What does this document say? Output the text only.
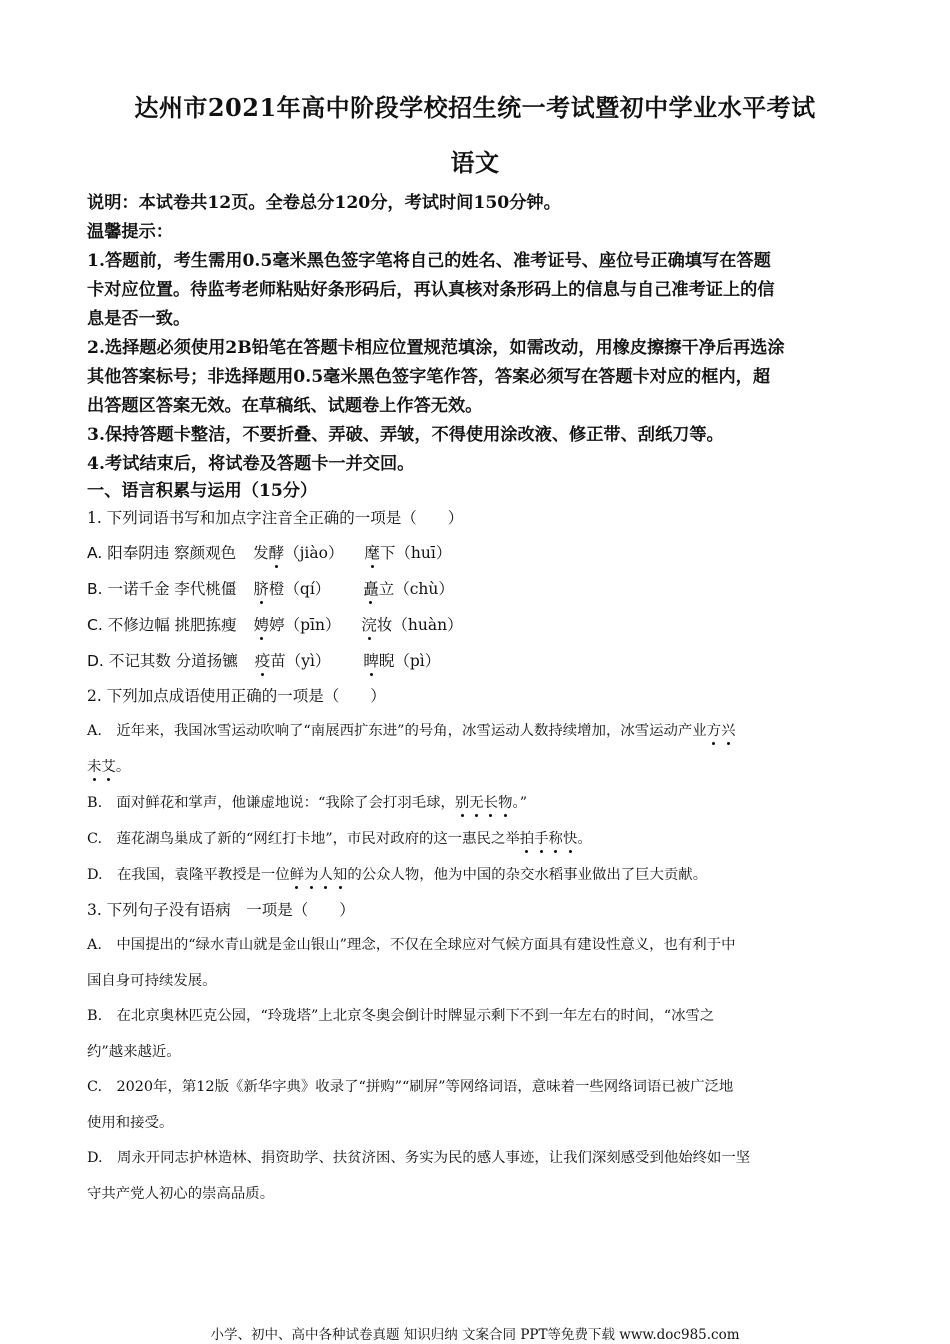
达州市2021年高中阶段学校招生统一考试暨初中学业水平考试
语文
说明：本试卷共12页。全卷总分120分，考试时间150分钟。
温馨提示：
1.答题前，考生需用0.5毫米黑色签字笔将自己的姓名、准考证号、座位号正确填写在答题
卡对应位置。待监考老师粘贴好条形码后，再认真核对条形码上的信息与自己准考证上的信
息是否一致。
2.选择题必须使用2B铅笔在答题卡相应位置规范填涂，如需改动，用橡皮擦擦干净后再选涂
其他答案标号；非选择题用0.5毫米黑色签字笔作答，答案必须写在答题卡对应的框内，超
出答题区答案无效。在草稿纸、试题卷上作答无效。
3.保持答题卡整洁，不要折叠、弄破、弄皱，不得使用涂改液、修正带、刮纸刀等。
4.考试结束后，将试卷及答题卡一并交回。
一、语言积累与运用（15分）
1. 下列词语书写和加点字注音全正确的一项是（　　）
A. 阳奉阴违 察颜观色 发酵（jiào） 麾下（huī）
B. 一诺千金 李代桃僵 脐橙（qí） 矗立（chù）
C. 不修边幅 挑肥拣瘦 娉婷（pīn） 浣妆（huàn）
D. 不记其数 分道扬镳 疫苗（yì） 睥睨（pì）
2. 下列加点成语使用正确的一项是（　　）
A.　近年来，我国冰雪运动吹响了“南展西扩东进”的号角，冰雪运动人数持续增加，冰雪运动产业方兴
未艾。
B.　面对鲜花和掌声，他谦虚地说：“我除了会打羽毛球，别无长物。”
C.　莲花湖鸟巢成了新的“网红打卡地”，市民对政府的这一惠民之举拍手称快。
D.　在我国，袁隆平教授是一位鲜为人知的公众人物，他为中国的杂交水稻事业做出了巨大贡献。
3. 下列句子没有语病　一项是（　　）
A.　中国提出的“绿水青山就是金山银山”理念，不仅在全球应对气候方面具有建设性意义，也有利于中
国自身可持续发展。
B.　在北京奥林匹克公园，“玲珑塔”上北京冬奥会倒计时牌显示剩下不到一年左右的时间，“冰雪之
约”越来越近。
C.　2020年，第12版《新华字典》收录了“拼购”“刷屏”等网络词语，意味着一些网络词语已被广泛地
使用和接受。
D.　周永开同志护林造林、捐资助学、扶贫济困、务实为民的感人事迹，让我们深刻感受到他始终如一坚
守共产党人初心的崇高品质。
小学、初中、高中各种试卷真题 知识归纳 文案合同 PPT等免费下载 www.doc985.com
